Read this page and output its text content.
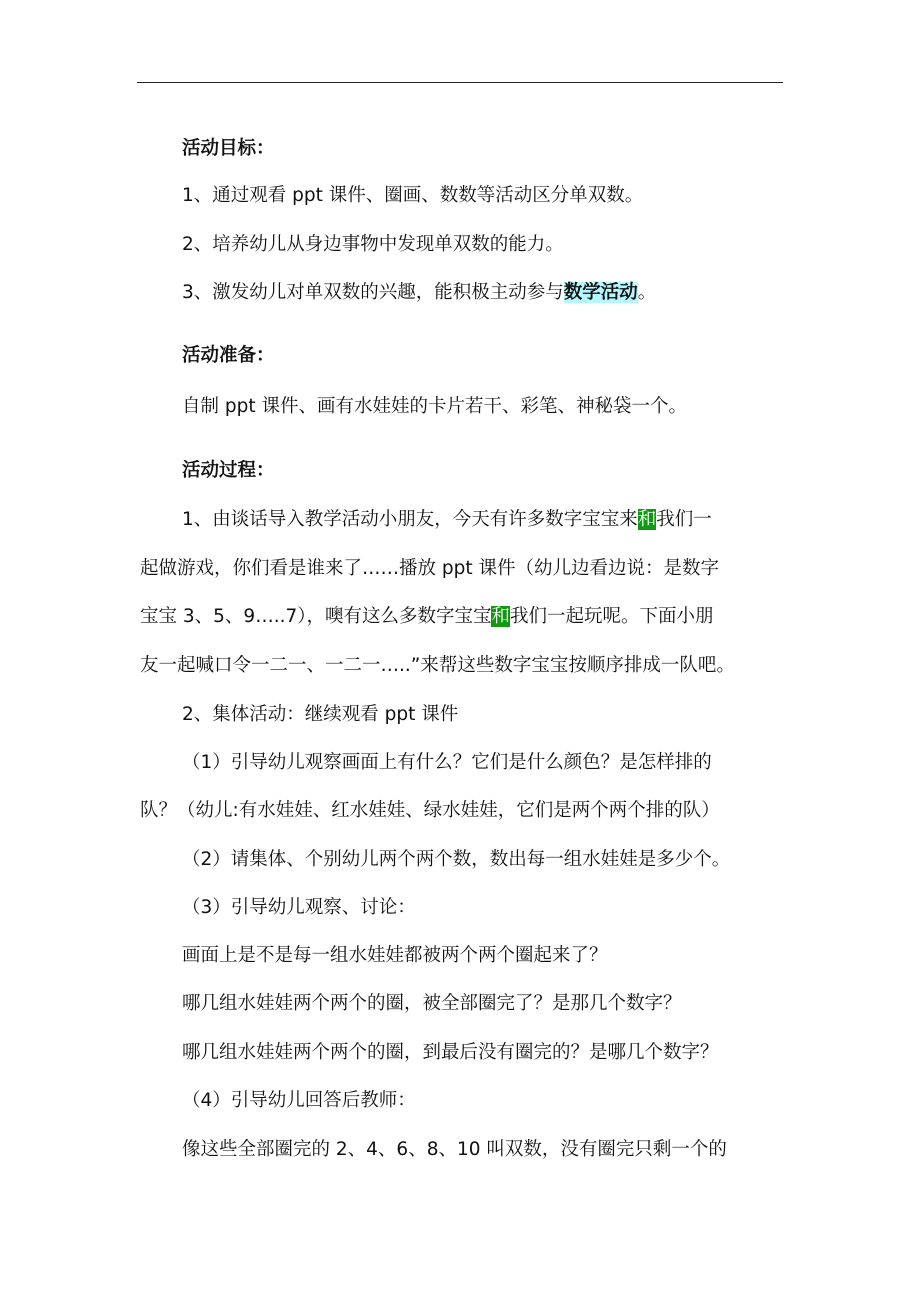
活动目标：
1、通过观看 ppt 课件、圈画、数数等活动区分单双数。
2、培养幼儿从身边事物中发现单双数的能力。
3、激发幼儿对单双数的兴趣，能积极主动参与数学活动。
活动准备：
自制 ppt 课件、画有水娃娃的卡片若干、彩笔、神秘袋一个。
活动过程：
1、由谈话导入教学活动小朋友，今天有许多数字宝宝来和我们一
起做游戏，你们看是谁来了……播放 ppt 课件（幼儿边看边说：是数字
宝宝 3、5、9…..7），噢有这么多数字宝宝和我们一起玩呢。下面小朋
友一起喊口令一二一、一二一…..”来帮这些数字宝宝按顺序排成一队吧。
2、集体活动：继续观看 ppt 课件
（1）引导幼儿观察画面上有什么？它们是什么颜色？是怎样排的
队？（幼儿:有水娃娃、红水娃娃、绿水娃娃，它们是两个两个排的队）
（2）请集体、个别幼儿两个两个数，数出每一组水娃娃是多少个。
（3）引导幼儿观察、讨论：
画面上是不是每一组水娃娃都被两个两个圈起来了？
哪几组水娃娃两个两个的圈，被全部圈完了？是那几个数字？
哪几组水娃娃两个两个的圈，到最后没有圈完的？是哪几个数字？
（4）引导幼儿回答后教师：
像这些全部圈完的 2、4、6、8、10 叫双数，没有圈完只剩一个的
